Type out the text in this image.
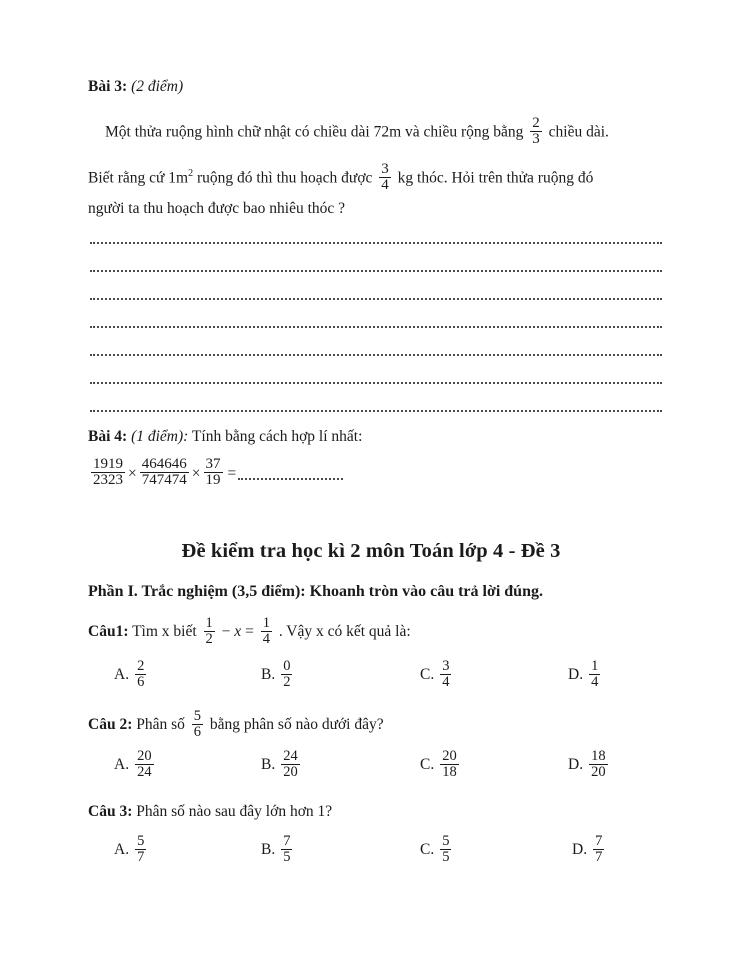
Bài 3: (2 điểm)
Một thửa ruộng hình chữ nhật có chiều dài 72m và chiều rộng bằng $\frac{2}{3}$ chiều dài.
Biết rằng cứ $1m^2$ ruộng đó thì thu hoạch được $\frac{3}{4}$ kg thóc. Hỏi trên thửa ruộng đó
người ta thu hoạch được bao nhiêu thóc ?
Bài 4: (1 điểm): Tính bằng cách hợp lí nhất:
$\frac{1919}{2323} \times \frac{464646}{747474} \times \frac{37}{19}$ =
Đề kiểm tra học kì 2 môn Toán lớp 4 - Đề 3
Phần I. Trắc nghiệm (3,5 điểm): Khoanh tròn vào câu trả lời đúng.
Câu1: Tìm x biết $\frac{1}{2} - x = \frac{1}{4}$ . Vậy x có kết quả là:
A. $\frac{2}{6}$	B. $\frac{0}{2}$	C. $\frac{3}{4}$	D. $\frac{1}{4}$
Câu 2: Phân số $\frac{5}{6}$ bằng phân số nào dưới đây?
A. $\frac{20}{24}$	B. $\frac{24}{20}$	C. $\frac{20}{18}$	D. $\frac{18}{20}$
Câu 3: Phân số nào sau đây lớn hơn 1?
A. $\frac{5}{7}$	B. $\frac{7}{5}$	C. $\frac{5}{5}$	D. $\frac{7}{7}$
